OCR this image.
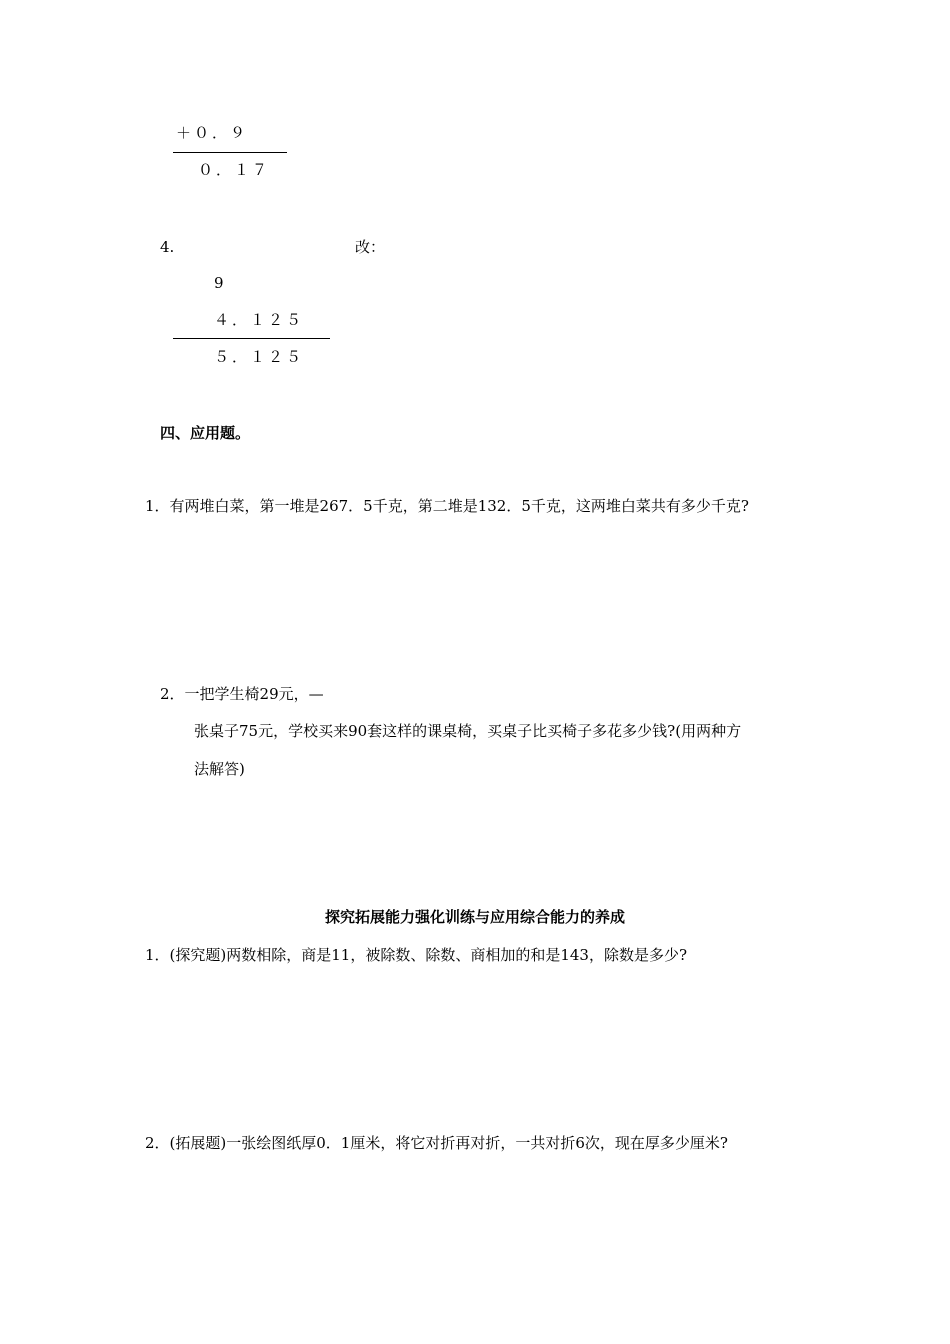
＋０．９
０．１７
4.	改：
9
４．１２５
５．１２５
四、应用题。
1．有两堆白菜，第一堆是267．5千克，第二堆是132．5千克，这两堆白菜共有多少千克?
2．一把学生椅29元，—
张桌子75元，学校买来90套这样的课桌椅，买桌子比买椅子多花多少钱?(用两种方
法解答)
探究拓展能力强化训练与应用综合能力的养成
1．(探究题)两数相除，商是11，被除数、除数、商相加的和是143，除数是多少?
2．(拓展题)一张绘图纸厚0．1厘米，将它对折再对折，一共对折6次，现在厚多少厘米?
